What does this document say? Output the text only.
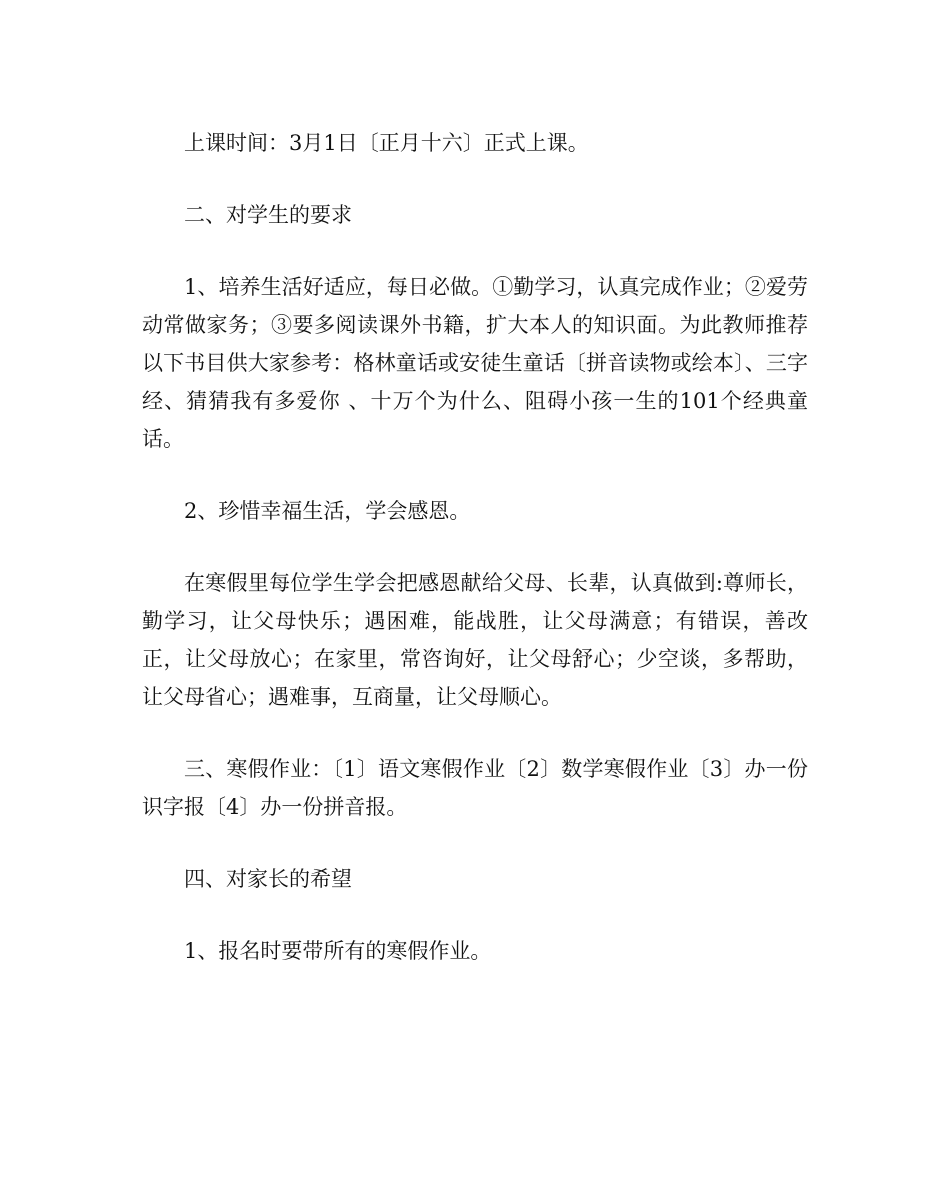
上课时间：3月1日〔正月十六〕正式上课。

二、对学生的要求

1、培养生活好适应，每日必做。①勤学习，认真完成作业；②爱劳动常做家务；③要多阅读课外书籍，扩大本人的知识面。为此教师推荐以下书目供大家参考：格林童话或安徒生童话〔拼音读物或绘本〕、三字经、猜猜我有多爱你 、十万个为什么、阻碍小孩一生的101个经典童话。

2、珍惜幸福生活，学会感恩。

在寒假里每位学生学会把感恩献给父母、长辈，认真做到:尊师长，勤学习，让父母快乐；遇困难，能战胜，让父母满意；有错误，善改正，让父母放心；在家里，常咨询好，让父母舒心；少空谈，多帮助，让父母省心；遇难事，互商量，让父母顺心。

三、寒假作业：〔1〕语文寒假作业〔2〕数学寒假作业〔3〕办一份识字报〔4〕办一份拼音报。

四、对家长的希望

1、报名时要带所有的寒假作业。
